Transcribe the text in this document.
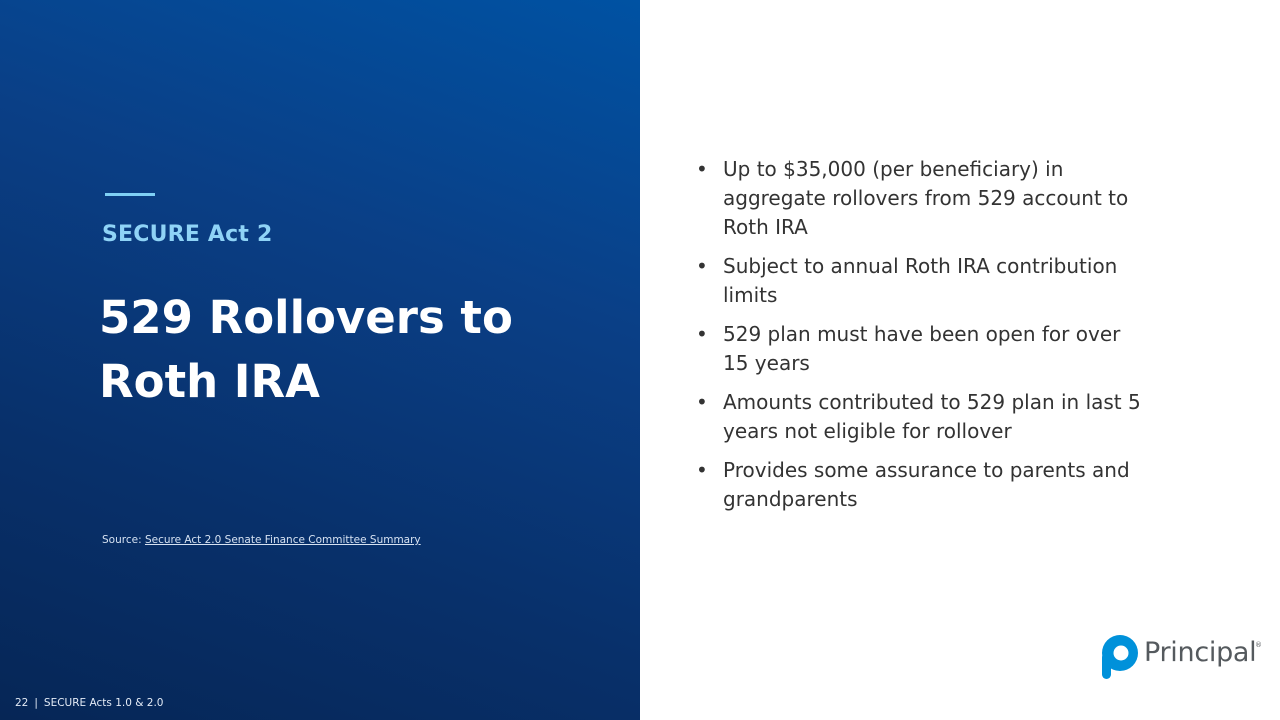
SECURE Act 2
529 Rollovers to Roth IRA
Source: Secure Act 2.0 Senate Finance Committee Summary
22 | SECURE Acts 1.0 & 2.0
• Up to $35,000 (per beneficiary) in aggregate rollovers from 529 account to Roth IRA
• Subject to annual Roth IRA contribution limits
• 529 plan must have been open for over 15 years
• Amounts contributed to 529 plan in last 5 years not eligible for rollover
• Provides some assurance to parents and grandparents
Principal
®
